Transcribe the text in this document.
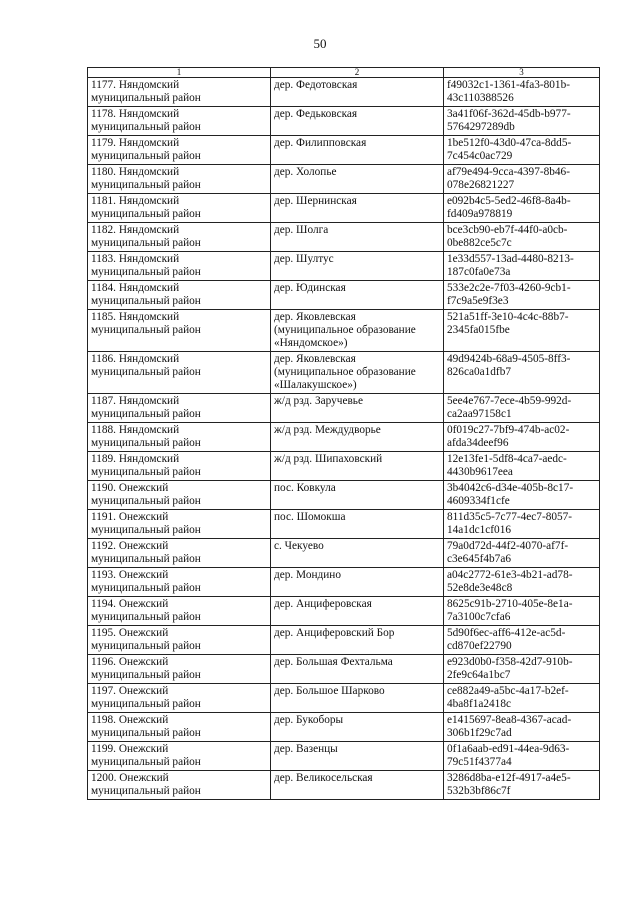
50
1	2	3
1177. Няндомский
муниципальный район	дер. Федотовская	f49032c1-1361-4fa3-801b-
43c110388526
1178. Няндомский
муниципальный район	дер. Федьковская	3a41f06f-362d-45db-b977-
5764297289db
1179. Няндомский
муниципальный район	дер. Филипповская	1be512f0-43d0-47ca-8dd5-
7c454c0ac729
1180. Няндомский
муниципальный район	дер. Холопье	af79e494-9cca-4397-8b46-
078e26821227
1181. Няндомский
муниципальный район	дер. Шернинская	e092b4c5-5ed2-46f8-8a4b-
fd409a978819
1182. Няндомский
муниципальный район	дер. Шолга	bce3cb90-eb7f-44f0-a0cb-
0be882ce5c7c
1183. Няндомский
муниципальный район	дер. Шултус	1e33d557-13ad-4480-8213-
187c0fa0e73a
1184. Няндомский
муниципальный район	дер. Юдинская	533e2c2e-7f03-4260-9cb1-
f7c9a5e9f3e3
1185. Няндомский
муниципальный район	дер. Яковлевская
(муниципальное образование
«Няндомское»)	521a51ff-3e10-4c4c-88b7-
2345fa015fbe
1186. Няндомский
муниципальный район	дер. Яковлевская
(муниципальное образование
«Шалакушское»)	49d9424b-68a9-4505-8ff3-
826ca0a1dfb7
1187. Няндомский
муниципальный район	ж/д рзд. Заручевье	5ee4e767-7ece-4b59-992d-
ca2aa97158c1
1188. Няндомский
муниципальный район	ж/д рзд. Междудворье	0f019c27-7bf9-474b-ac02-
afda34deef96
1189. Няндомский
муниципальный район	ж/д рзд. Шипаховский	12e13fe1-5df8-4ca7-aedc-
4430b9617eea
1190. Онежский
муниципальный район	пос. Ковкула	3b4042c6-d34e-405b-8c17-
4609334f1cfe
1191. Онежский
муниципальный район	пос. Шомокша	811d35c5-7c77-4ec7-8057-
14a1dc1cf016
1192. Онежский
муниципальный район	с. Чекуево	79a0d72d-44f2-4070-af7f-
c3e645f4b7a6
1193. Онежский
муниципальный район	дер. Мондино	a04c2772-61e3-4b21-ad78-
52e8de3e48c8
1194. Онежский
муниципальный район	дер. Анциферовская	8625c91b-2710-405e-8e1a-
7a3100c7cfa6
1195. Онежский
муниципальный район	дер. Анциферовский Бор	5d90f6ec-aff6-412e-ac5d-
cd870ef22790
1196. Онежский
муниципальный район	дер. Большая Фехтальма	e923d0b0-f358-42d7-910b-
2fe9c64a1bc7
1197. Онежский
муниципальный район	дер. Большое Шарково	ce882a49-a5bc-4a17-b2ef-
4ba8f1a2418c
1198. Онежский
муниципальный район	дер. Букоборы	e1415697-8ea8-4367-acad-
306b1f29c7ad
1199. Онежский
муниципальный район	дер. Вазенцы	0f1a6aab-ed91-44ea-9d63-
79c51f4377a4
1200. Онежский
муниципальный район	дер. Великосельская	3286d8ba-e12f-4917-a4e5-
532b3bf86c7f
